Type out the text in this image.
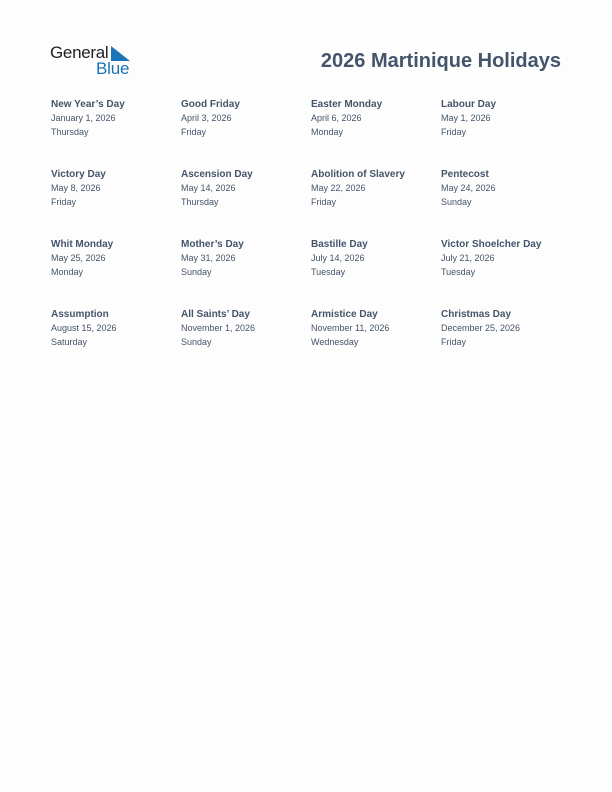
General
Blue	2026 Martinique Holidays
New Year’s Day
January 1, 2026
Thursday
Good Friday
April 3, 2026
Friday
Easter Monday
April 6, 2026
Monday
Labour Day
May 1, 2026
Friday
Victory Day
May 8, 2026
Friday
Ascension Day
May 14, 2026
Thursday
Abolition of Slavery
May 22, 2026
Friday
Pentecost
May 24, 2026
Sunday
Whit Monday
May 25, 2026
Monday
Mother’s Day
May 31, 2026
Sunday
Bastille Day
July 14, 2026
Tuesday
Victor Shoelcher Day
July 21, 2026
Tuesday
Assumption
August 15, 2026
Saturday
All Saints’ Day
November 1, 2026
Sunday
Armistice Day
November 11, 2026
Wednesday
Christmas Day
December 25, 2026
Friday
